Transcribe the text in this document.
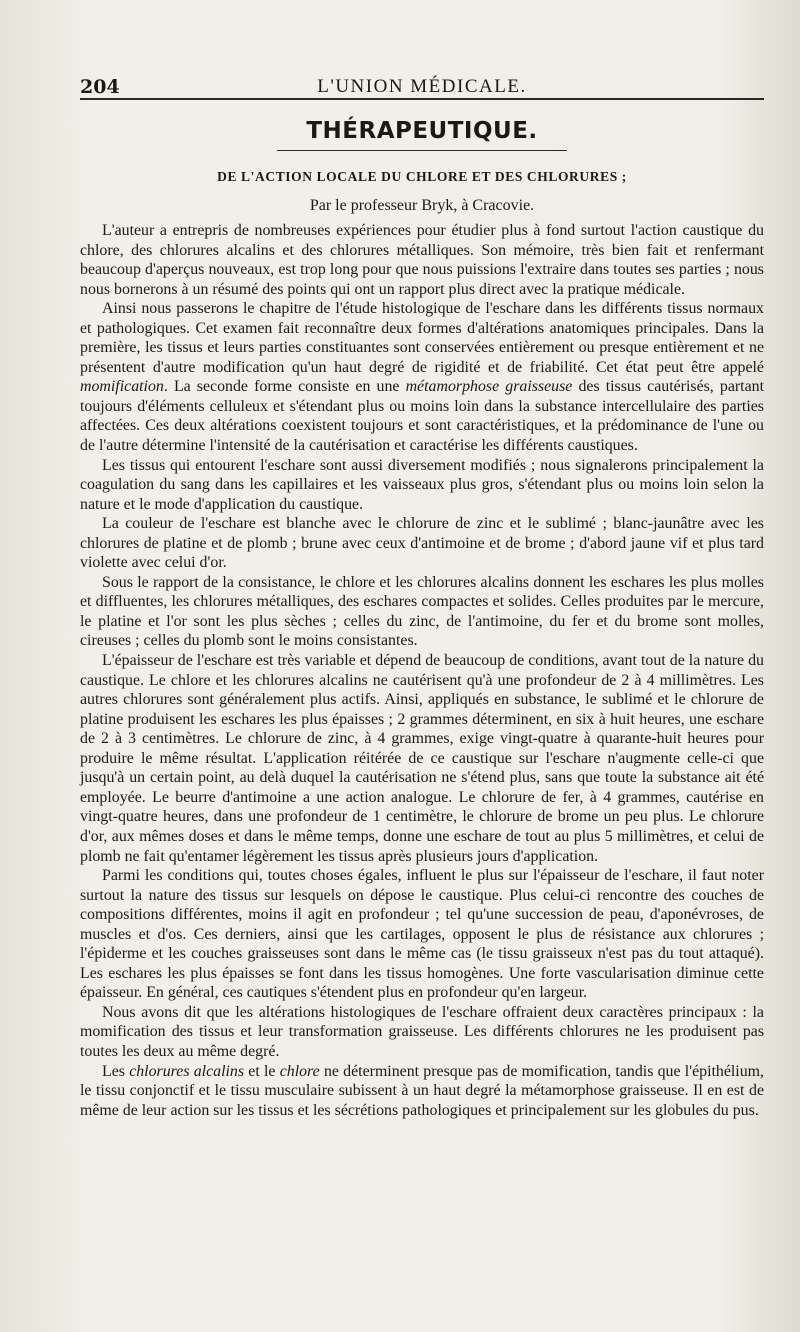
204	L'UNION MÉDICALE.
THÉRAPEUTIQUE.
DE L'ACTION LOCALE DU CHLORE ET DES CHLORURES ;
Par le professeur Bryk, à Cracovie.

L'auteur a entrepris de nombreuses expériences pour étudier plus à fond surtout l'action caustique du chlore, des chlorures alcalins et des chlorures métalliques. Son mémoire, très bien fait et renfermant beaucoup d'aperçus nouveaux, est trop long pour que nous puissions l'extraire dans toutes ses parties ; nous nous bornerons à un résumé des points qui ont un rapport plus direct avec la pratique médicale.

Ainsi nous passerons le chapitre de l'étude histologique de l'eschare dans les différents tissus normaux et pathologiques. Cet examen fait reconnaître deux formes d'altérations anatomiques principales. Dans la première, les tissus et leurs parties constituantes sont conservées entièrement ou presque entièrement et ne présentent d'autre modification qu'un haut degré de rigidité et de friabilité. Cet état peut être appelé momification. La seconde forme consiste en une métamorphose graisseuse des tissus cautérisés, partant toujours d'éléments celluleux et s'étendant plus ou moins loin dans la substance intercellulaire des parties affectées. Ces deux altérations coexistent toujours et sont caractéristiques, et la prédominance de l'une ou de l'autre détermine l'intensité de la cautérisation et caractérise les différents caustiques.

Les tissus qui entourent l'eschare sont aussi diversement modifiés ; nous signalerons principalement la coagulation du sang dans les capillaires et les vaisseaux plus gros, s'étendant plus ou moins loin selon la nature et le mode d'application du caustique.

La couleur de l'eschare est blanche avec le chlorure de zinc et le sublimé ; blanc-jaunâtre avec les chlorures de platine et de plomb ; brune avec ceux d'antimoine et de brome ; d'abord jaune vif et plus tard violette avec celui d'or.

Sous le rapport de la consistance, le chlore et les chlorures alcalins donnent les eschares les plus molles et diffluentes, les chlorures métalliques, des eschares compactes et solides. Celles produites par le mercure, le platine et l'or sont les plus sèches ; celles du zinc, de l'antimoine, du fer et du brome sont molles, cireuses ; celles du plomb sont le moins consistantes.

L'épaisseur de l'eschare est très variable et dépend de beaucoup de conditions, avant tout de la nature du caustique. Le chlore et les chlorures alcalins ne cautérisent qu'à une profondeur de 2 à 4 millimètres. Les autres chlorures sont généralement plus actifs. Ainsi, appliqués en substance, le sublimé et le chlorure de platine produisent les eschares les plus épaisses ; 2 grammes déterminent, en six à huit heures, une eschare de 2 à 3 centimètres. Le chlorure de zinc, à 4 grammes, exige vingt-quatre à quarante-huit heures pour produire le même résultat. L'application réitérée de ce caustique sur l'eschare n'augmente celle-ci que jusqu'à un certain point, au delà duquel la cautérisation ne s'étend plus, sans que toute la substance ait été employée. Le beurre d'antimoine a une action analogue. Le chlorure de fer, à 4 grammes, cautérise en vingt-quatre heures, dans une profondeur de 1 centimètre, le chlorure de brome un peu plus. Le chlorure d'or, aux mêmes doses et dans le même temps, donne une eschare de tout au plus 5 millimètres, et celui de plomb ne fait qu'entamer légèrement les tissus après plusieurs jours d'application.

Parmi les conditions qui, toutes choses égales, influent le plus sur l'épaisseur de l'eschare, il faut noter surtout la nature des tissus sur lesquels on dépose le caustique. Plus celui-ci rencontre des couches de compositions différentes, moins il agit en profondeur ; tel qu'une succession de peau, d'aponévroses, de muscles et d'os. Ces derniers, ainsi que les cartilages, opposent le plus de résistance aux chlorures ; l'épiderme et les couches graisseuses sont dans le même cas (le tissu graisseux n'est pas du tout attaqué). Les eschares les plus épaisses se font dans les tissus homogènes. Une forte vascularisation diminue cette épaisseur. En général, ces cautiques s'étendent plus en profondeur qu'en largeur.

Nous avons dit que les altérations histologiques de l'eschare offraient deux caractères principaux : la momification des tissus et leur transformation graisseuse. Les différents chlorures ne les produisent pas toutes les deux au même degré.

Les chlorures alcalins et le chlore ne déterminent presque pas de momification, tandis que l'épithélium, le tissu conjonctif et le tissu musculaire subissent à un haut degré la métamorphose graisseuse. Il en est de même de leur action sur les tissus et les sécrétions pathologiques et principalement sur les globules du pus.
